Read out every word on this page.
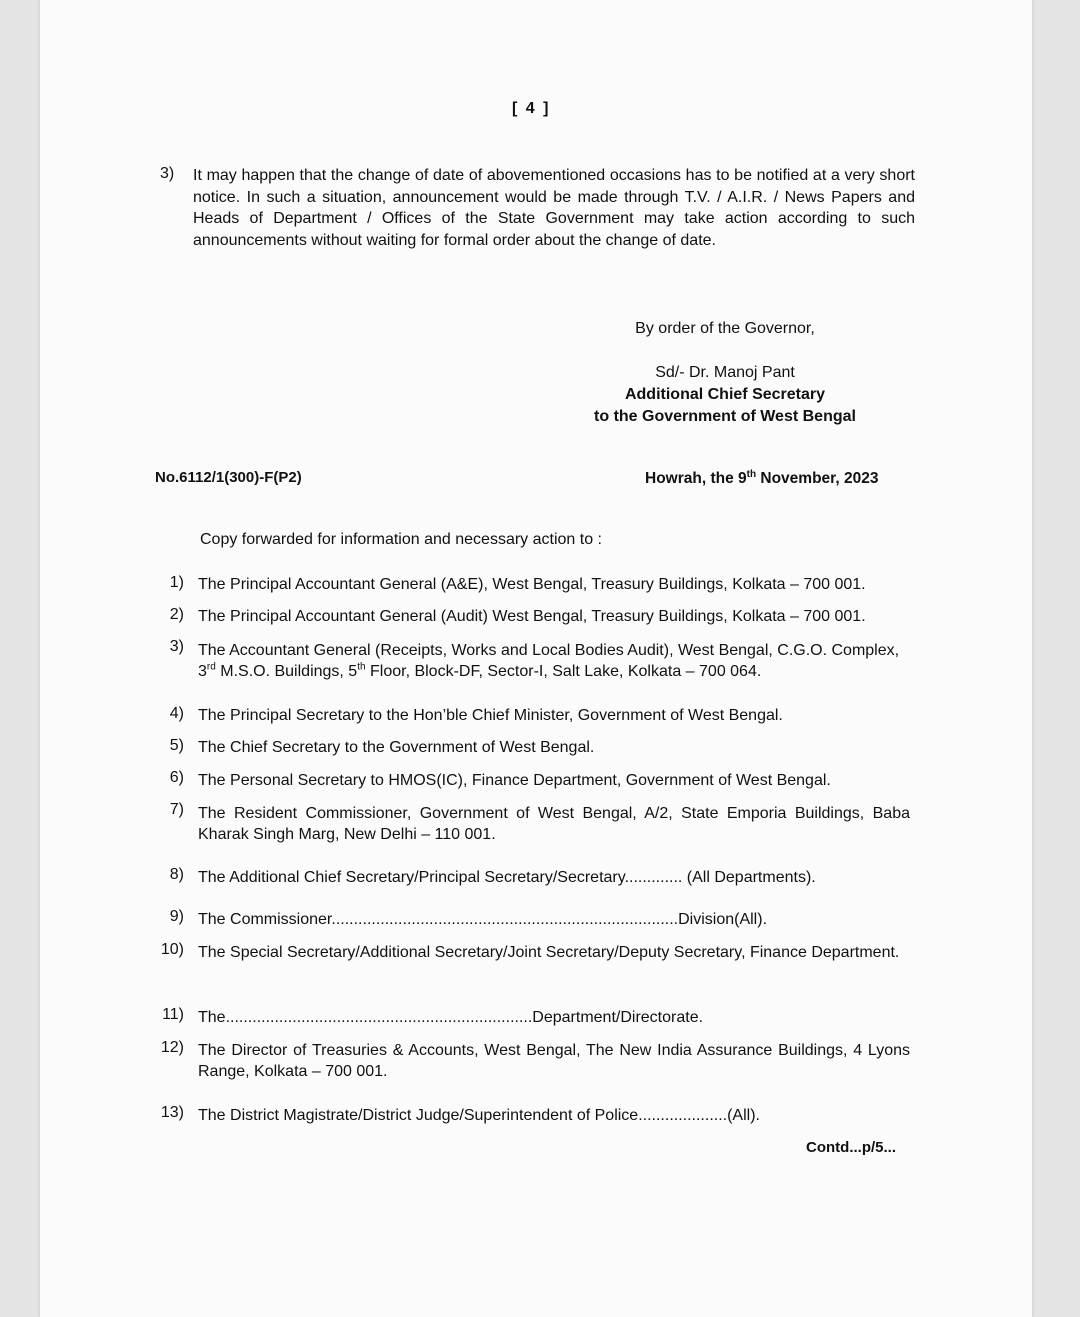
[ 4 ]
3) It may happen that the change of date of abovementioned occasions has to be notified at a very short notice. In such a situation, announcement would be made through T.V. / A.I.R. / News Papers and Heads of Department / Offices of the State Government may take action according to such announcements without waiting for formal order about the change of date.
By order of the Governor,
Sd/- Dr. Manoj Pant
Additional Chief Secretary
to the Government of West Bengal
No.6112/1(300)-F(P2)	Howrah, the 9th November, 2023
Copy forwarded for information and necessary action to :
1) The Principal Accountant General (A&E), West Bengal, Treasury Buildings, Kolkata – 700 001.
2) The Principal Accountant General (Audit) West Bengal, Treasury Buildings, Kolkata – 700 001.
3) The Accountant General (Receipts, Works and Local Bodies Audit), West Bengal, C.G.O. Complex,
3rd M.S.O. Buildings, 5th Floor, Block-DF, Sector-I, Salt Lake, Kolkata – 700 064.
4) The Principal Secretary to the Hon’ble Chief Minister, Government of West Bengal.
5) The Chief Secretary to the Government of West Bengal.
6) The Personal Secretary to HMOS(IC), Finance Department, Government of West Bengal.
7) The Resident Commissioner, Government of West Bengal, A/2, State Emporia Buildings, Baba Kharak Singh Marg, New Delhi – 110 001.
8) The Additional Chief Secretary/Principal Secretary/Secretary............. (All Departments).
9) The Commissioner..............................................................................Division(All).
10) The Special Secretary/Additional Secretary/Joint Secretary/Deputy Secretary, Finance Department.
11) The.....................................................................Department/Directorate.
12) The Director of Treasuries & Accounts, West Bengal, The New India Assurance Buildings, 4 Lyons Range, Kolkata – 700 001.
13) The District Magistrate/District Judge/Superintendent of Police....................(All).
Contd...p/5...
